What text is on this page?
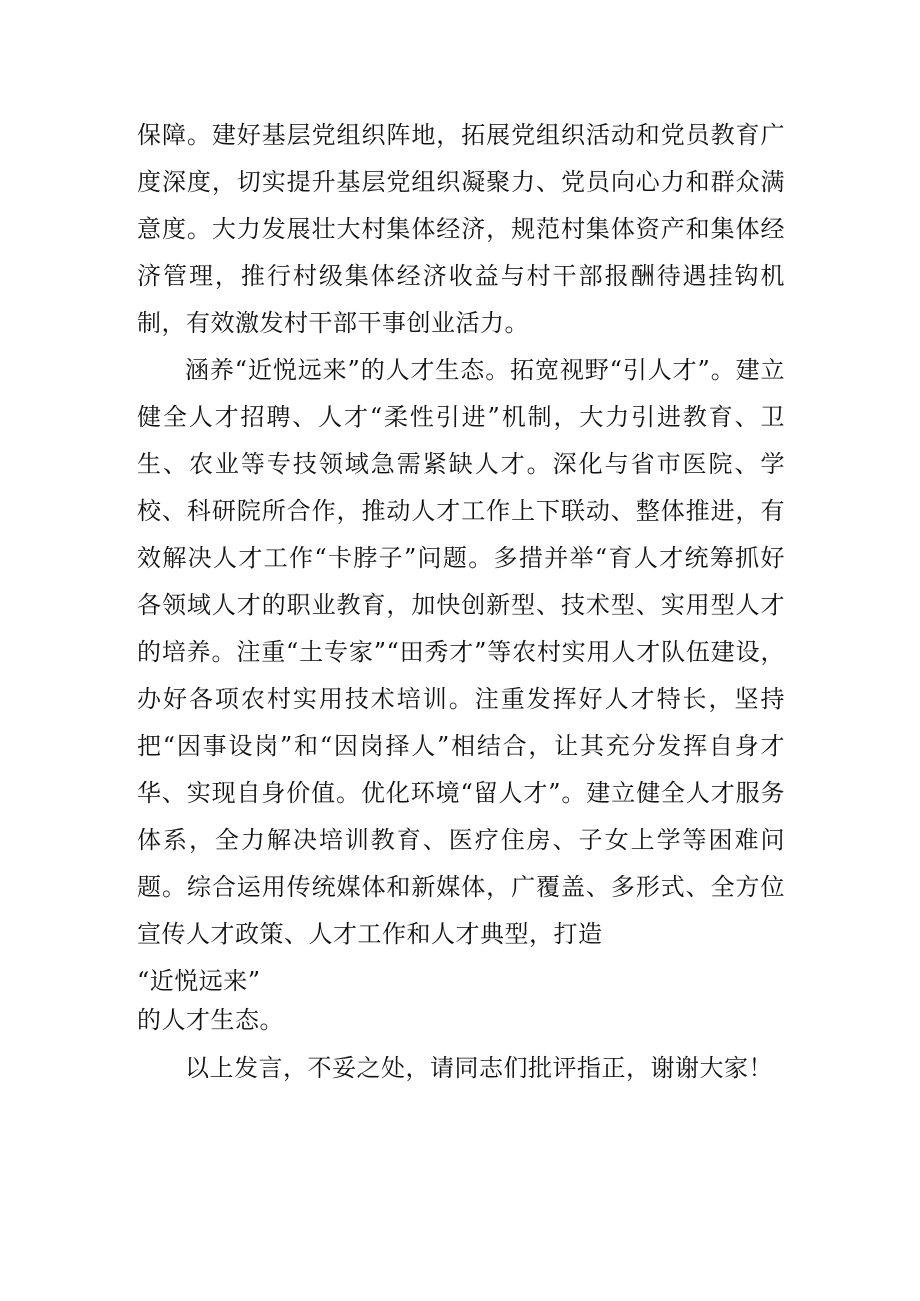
保障。建好基层党组织阵地，拓展党组织活动和党员教育广度深度，切实提升基层党组织凝聚力、党员向心力和群众满意度。大力发展壮大村集体经济，规范村集体资产和集体经济管理，推行村级集体经济收益与村干部报酬待遇挂钩机制，有效激发村干部干事创业活力。

涵养“近悦远来”的人才生态。拓宽视野“引人才”。建立健全人才招聘、人才“柔性引进”机制，大力引进教育、卫生、农业等专技领域急需紧缺人才。深化与省市医院、学校、科研院所合作，推动人才工作上下联动、整体推进，有效解决人才工作“卡脖子”问题。多措并举“育人才统筹抓好各领域人才的职业教育，加快创新型、技术型、实用型人才的培养。注重“土专家”“田秀才”等农村实用人才队伍建设，办好各项农村实用技术培训。注重发挥好人才特长，坚持把“因事设岗”和“因岗择人”相结合，让其充分发挥自身才华、实现自身价值。优化环境“留人才”。建立健全人才服务体系，全力解决培训教育、医疗住房、子女上学等困难问题。综合运用传统媒体和新媒体，广覆盖、多形式、全方位宣传人才政策、人才工作和人才典型，打造

“近悦远来”
的人才生态。

以上发言，不妥之处，请同志们批评指正，谢谢大家！
